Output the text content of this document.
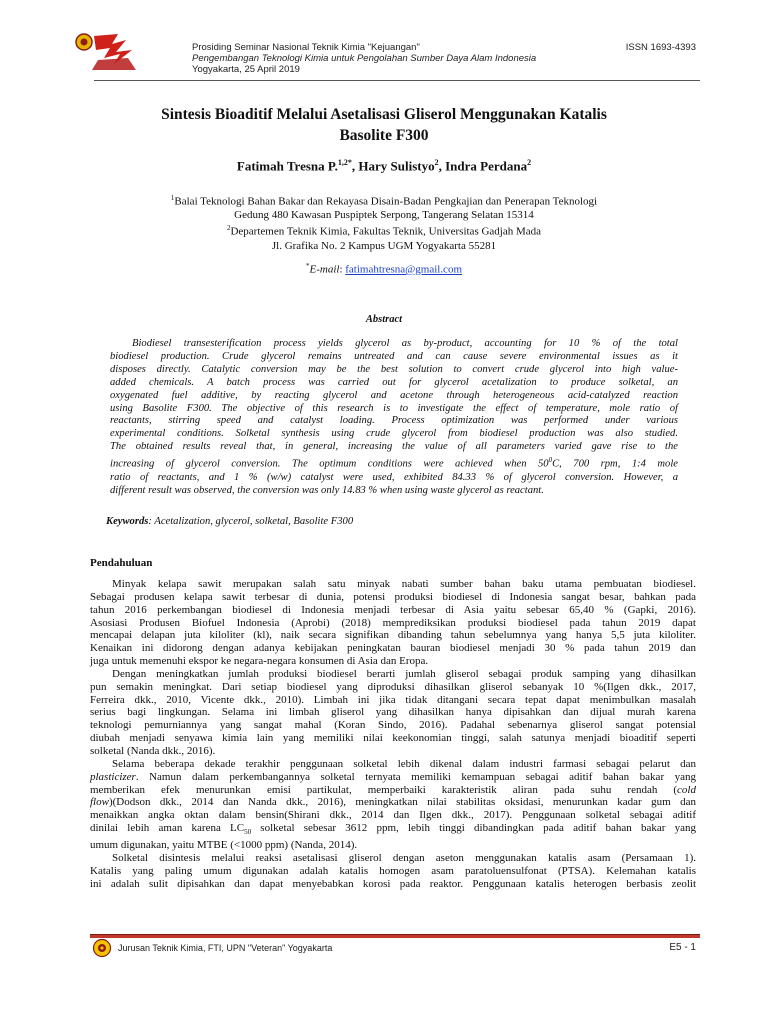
Prosiding Seminar Nasional Teknik Kimia "Kejuangan"
Pengembangan Teknologi Kimia untuk Pengolahan Sumber Daya Alam Indonesia
Yogyakarta, 25 April 2019
ISSN 1693-4393
Sintesis Bioaditif Melalui Asetalisasi Gliserol Menggunakan Katalis
Basolite F300
Fatimah Tresna P.$^{1,2*}$, Hary Sulistyo$^2$, Indra Perdana$^2$
$^1$Balai Teknologi Bahan Bakar dan Rekayasa Disain-Badan Pengkajian dan Penerapan Teknologi
Gedung 480 Kawasan Puspiptek Serpong, Tangerang Selatan 15314
$^2$Departemen Teknik Kimia, Fakultas Teknik, Universitas Gadjah Mada
Jl. Grafika No. 2 Kampus UGM Yogyakarta 55281
*E-mail: fatimahtresna@gmail.com
Abstract
Biodiesel transesterification process yields glycerol as by-product, accounting for 10 % of the total
biodiesel production. Crude glycerol remains untreated and can cause severe environmental issues as it
disposes directly. Catalytic conversion may be the best solution to convert crude glycerol into high value-
added chemicals. A batch process was carried out for glycerol acetalization to produce solketal, an
oxygenated fuel additive, by reacting glycerol and acetone through heterogeneous acid-catalyzed reaction
using Basolite F300. The objective of this research is to investigate the effect of temperature, mole ratio of
reactants, stirring speed and catalyst loading. Process optimization was performed under various
experimental conditions. Solketal synthesis using crude glycerol from biodiesel production was also studied.
The obtained results reveal that, in general, increasing the value of all parameters varied gave rise to the
increasing of glycerol conversion. The optimum conditions were achieved when $50^0C$, 700 rpm, 1:4 mole
ratio of reactants, and 1 % (w/w) catalyst were used, exhibited 84.33 % of glycerol conversion. However, a
different result was observed, the conversion was only 14.83 % when using waste glycerol as reactant.
Keywords: Acetalization, glycerol, solketal, Basolite F300
Pendahuluan
Minyak kelapa sawit merupakan salah satu minyak nabati sumber bahan baku utama pembuatan biodiesel.
Sebagai produsen kelapa sawit terbesar di dunia, potensi produksi biodiesel di Indonesia sangat besar, bahkan pada
tahun 2016 perkembangan biodiesel di Indonesia menjadi terbesar di Asia yaitu sebesar 65,40 % (Gapki, 2016).
Asosiasi Produsen Biofuel Indonesia (Aprobi) (2018) memprediksikan produksi biodiesel pada tahun 2019 dapat
mencapai delapan juta kiloliter (kl), naik secara signifikan dibanding tahun sebelumnya yang hanya 5,5 juta kiloliter.
Kenaikan ini didorong dengan adanya kebijakan peningkatan bauran biodiesel menjadi 30 % pada tahun 2019 dan
juga untuk memenuhi ekspor ke negara-negara konsumen di Asia dan Eropa.
Dengan meningkatkan jumlah produksi biodiesel berarti jumlah gliserol sebagai produk samping yang dihasilkan
pun semakin meningkat. Dari setiap biodiesel yang diproduksi dihasilkan gliserol sebanyak 10 %(Ilgen dkk., 2017,
Ferreira dkk., 2010, Vicente dkk., 2010). Limbah ini jika tidak ditangani secara tepat dapat menimbulkan masalah
serius bagi lingkungan. Selama ini limbah gliserol yang dihasilkan hanya dipisahkan dan dijual murah karena
teknologi pemurniannya yang sangat mahal (Koran Sindo, 2016). Padahal sebenarnya gliserol sangat potensial
diubah menjadi senyawa kimia lain yang memiliki nilai keekonomian tinggi, salah satunya menjadi bioaditif seperti
solketal (Nanda dkk., 2016).
Selama beberapa dekade terakhir penggunaan solketal lebih dikenal dalam industri farmasi sebagai pelarut dan
plasticizer. Namun dalam perkembangannya solketal ternyata memiliki kemampuan sebagai aditif bahan bakar yang
memberikan efek menurunkan emisi partikulat, memperbaiki karakteristik aliran pada suhu rendah (cold
flow)(Dodson dkk., 2014 dan Nanda dkk., 2016), meningkatkan nilai stabilitas oksidasi, menurunkan kadar gum dan
menaikkan angka oktan dalam bensin(Shirani dkk., 2014 dan Ilgen dkk., 2017). Penggunaan solketal sebagai aditif
dinilai lebih aman karena $LC_{50}$ solketal sebesar 3612 ppm, lebih tinggi dibandingkan pada aditif bahan bakar yang
umum digunakan, yaitu MTBE (<1000 ppm) (Nanda, 2014).
Solketal disintesis melalui reaksi asetalisasi gliserol dengan aseton menggunakan katalis asam (Persamaan 1).
Katalis yang paling umum digunakan adalah katalis homogen asam paratoluensulfonat (PTSA). Kelemahan katalis
ini adalah sulit dipisahkan dan dapat menyebabkan korosi pada reaktor. Penggunaan katalis heterogen berbasis zeolit
Jurusan Teknik Kimia, FTI, UPN "Veteran" Yogyakarta	E5 - 1
